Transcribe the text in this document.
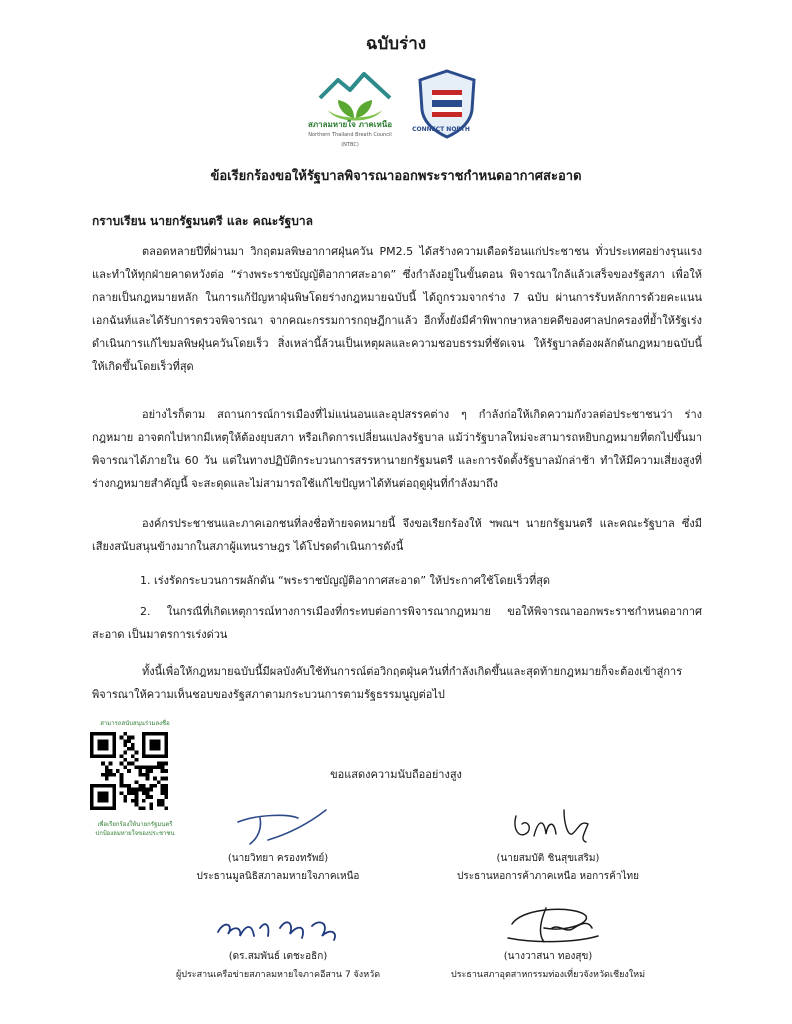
ฉบับร่าง
สภาลมหายใจ ภาคเหนือ
Northern Thailand Breath Council (NTBC)
CONNECT NORTH
ข้อเรียกร้องขอให้รัฐบาลพิจารณาออกพระราชกำหนดอากาศสะอาด
กราบเรียน นายกรัฐมนตรี และ คณะรัฐบาล

ตลอดหลายปีที่ผ่านมา วิกฤตมลพิษอากาศฝุ่นควัน PM2.5 ได้สร้างความเดือดร้อนแก่ประชาชน ทั่วประเทศอย่างรุนแรง และทำให้ทุกฝ่ายคาดหวังต่อ “ร่างพระราชบัญญัติอากาศสะอาด” ซึ่งกำลังอยู่ในขั้นตอน พิจารณาใกล้แล้วเสร็จของรัฐสภา เพื่อให้กลายเป็นกฎหมายหลัก ในการแก้ปัญหาฝุ่นพิษโดยร่างกฎหมายฉบับนี้ ได้ถูกรวมจากร่าง 7 ฉบับ ผ่านการรับหลักการด้วยคะแนนเอกฉันท์และได้รับการตรวจพิจารณา จากคณะกรรมการกฤษฎีกาแล้ว อีกทั้งยังมีคำพิพากษาหลายคดีของศาลปกครองที่ย้ำให้รัฐเร่งดำเนินการแก้ไขมลพิษฝุ่นควันโดยเร็ว สิ่งเหล่านี้ล้วนเป็นเหตุผลและความชอบธรรมที่ชัดเจน ให้รัฐบาลต้องผลักดันกฎหมายฉบับนี้ให้เกิดขึ้นโดยเร็วที่สุด

อย่างไรก็ตาม สถานการณ์การเมืองที่ไม่แน่นอนและอุปสรรคต่าง ๆ กำลังก่อให้เกิดความกังวลต่อประชาชนว่า ร่างกฎหมาย อาจตกไปหากมีเหตุให้ต้องยุบสภา หรือเกิดการเปลี่ยนแปลงรัฐบาล แม้ว่ารัฐบาลใหม่จะสามารถหยิบกฎหมายที่ตกไปขึ้นมาพิจารณาได้ภายใน 60 วัน แต่ในทางปฏิบัติกระบวนการสรรหานายกรัฐมนตรี และการจัดตั้งรัฐบาลมักล่าช้า ทำให้มีความเสี่ยงสูงที่ร่างกฎหมายสำคัญนี้ จะสะดุดและไม่สามารถใช้แก้ไขปัญหาได้ทันต่อฤดูฝุ่นที่กำลังมาถึง

องค์กรประชาชนและภาคเอกชนที่ลงชื่อท้ายจดหมายนี้ จึงขอเรียกร้องให้ ฯพณฯ นายกรัฐมนตรี และคณะรัฐบาล ซึ่งมีเสียงสนับสนุนข้างมากในสภาผู้แทนราษฎร ได้โปรดดำเนินการดังนี้

1. เร่งรัดกระบวนการผลักดัน “พระราชบัญญัติอากาศสะอาด” ให้ประกาศใช้โดยเร็วที่สุด
2. ในกรณีที่เกิดเหตุการณ์ทางการเมืองที่กระทบต่อการพิจารณากฎหมาย ขอให้พิจารณาออกพระราชกำหนดอากาศสะอาด เป็นมาตรการเร่งด่วน

ทั้งนี้เพื่อให้กฎหมายฉบับนี้มีผลบังคับใช้ทันการณ์ต่อวิกฤตฝุ่นควันที่กำลังเกิดขึ้นและสุดท้ายกฎหมายก็จะต้องเข้าสู่การพิจารณาให้ความเห็นชอบของรัฐสภาตามกระบวนการตามรัฐธรรมนูญต่อไป

สามารถสนับสนุนร่วมลงชื่อ
เพื่อเรียกร้องให้นายกรัฐมนตรี
ปกป้องลมหายใจของประชาชน
ขอแสดงความนับถืออย่างสูง
(นายวิทยา ครองทรัพย์)
ประธานมูลนิธิสภาลมหายใจภาคเหนือ
(นายสมบัติ ชินสุขเสริม)
ประธานหอการค้าภาคเหนือ หอการค้าไทย
(ดร.สมพันธ์ เตชะอธิก)
ผู้ประสานเครือข่ายสภาลมหายใจภาคอีสาน 7 จังหวัด
(นางวาสนา ทองสุข)
ประธานสภาอุตสาหกรรมท่องเที่ยวจังหวัดเชียงใหม่
